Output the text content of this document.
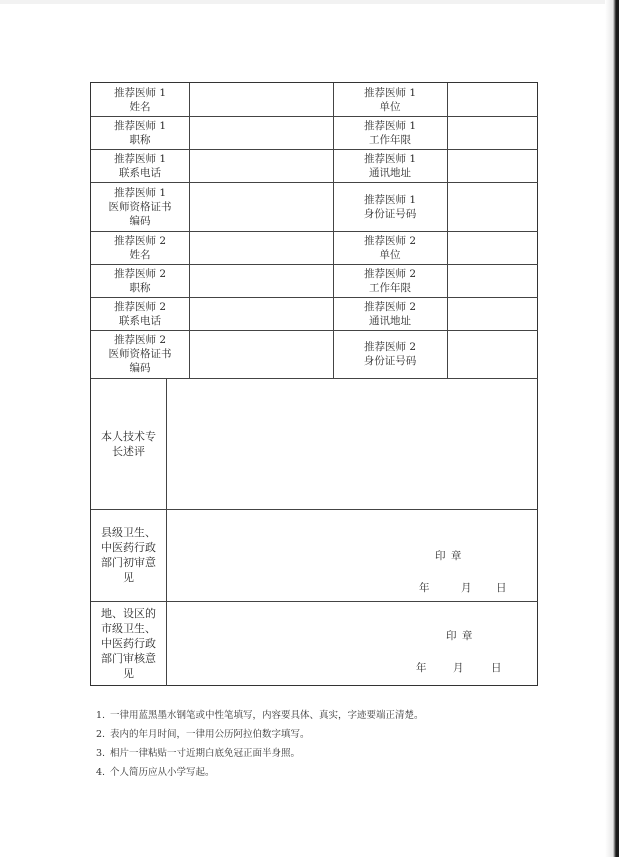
推荐医师 1
姓名
推荐医师 1
单位
推荐医师 1
职称
推荐医师 1
工作年限
推荐医师 1
联系电话
推荐医师 1
通讯地址
推荐医师 1
医师资格证书
编码
推荐医师 1
身份证号码
推荐医师 2
姓名
推荐医师 2
单位
推荐医师 2
职称
推荐医师 2
工作年限
推荐医师 2
联系电话
推荐医师 2
通讯地址
推荐医师 2
医师资格证书
编码
推荐医师 2
身份证号码
本人技术专
长述评
县级卫生、
中医药行政
部门初审意
见
地、设区的
市级卫生、
中医药行政
部门审核意
见
印 章
年	月 日
印 章
年 月	日
1. 一律用蓝黑墨水钢笔或中性笔填写，内容要具体、真实，字迹要端正清楚。
2. 表内的年月时间，一律用公历阿拉伯数字填写。
3. 相片一律粘贴一寸近期白底免冠正面半身照。
4. 个人简历应从小学写起。
